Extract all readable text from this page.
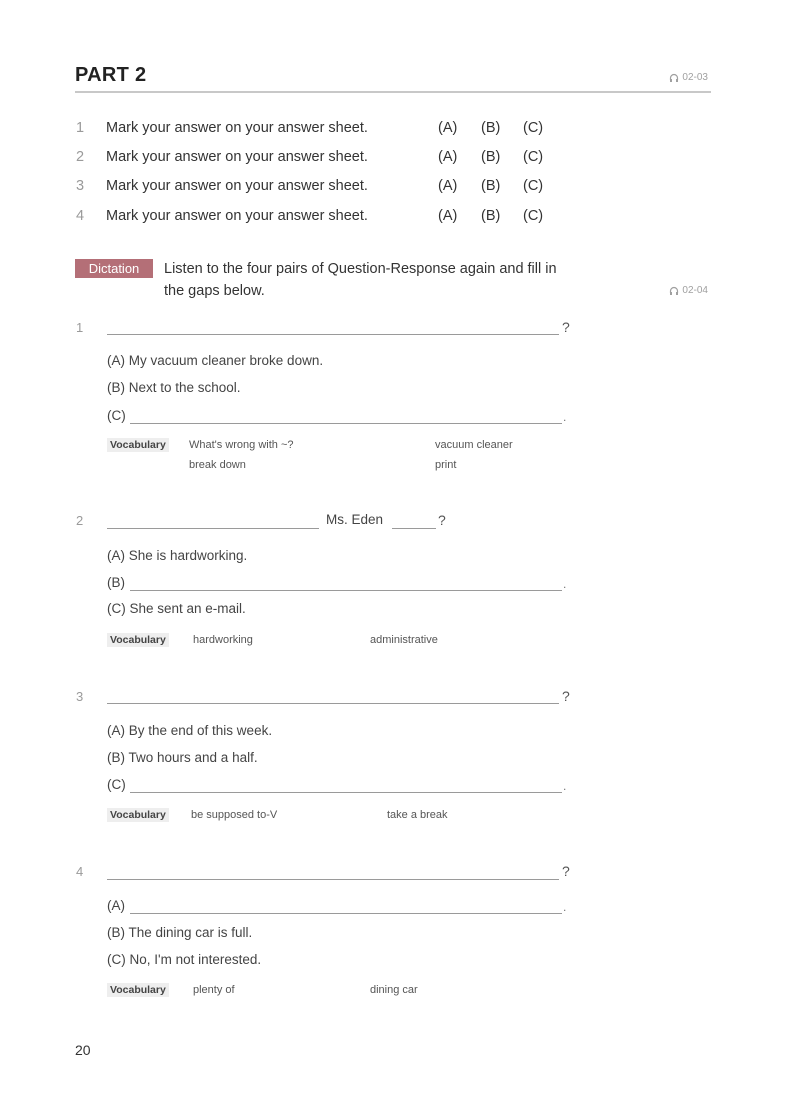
PART 2	02-03
1	Mark your answer on your answer sheet.	(A) (B) (C)
2	Mark your answer on your answer sheet.	(A) (B) (C)
3	Mark your answer on your answer sheet.	(A) (B) (C)
4	Mark your answer on your answer sheet.	(A) (B) (C)
Dictation	Listen to the four pairs of Question-Response again and fill in
the gaps below.	02-04
1	?
(A) My vacuum cleaner broke down.
(B) Next to the school.
(C)	.
Vocabulary What's wrong with ~?	vacuum cleaner
break down	print
2	Ms. Eden	?
(A) She is hardworking.
(B)	.
(C) She sent an e-mail.
Vocabulary hardworking	administrative
3	?
(A) By the end of this week.
(B) Two hours and a half.
(C)	.
Vocabulary be supposed to-V	take a break
4	?
(A)	.
(B) The dining car is full.
(C) No, I'm not interested.
Vocabulary plenty of	dining car
20
